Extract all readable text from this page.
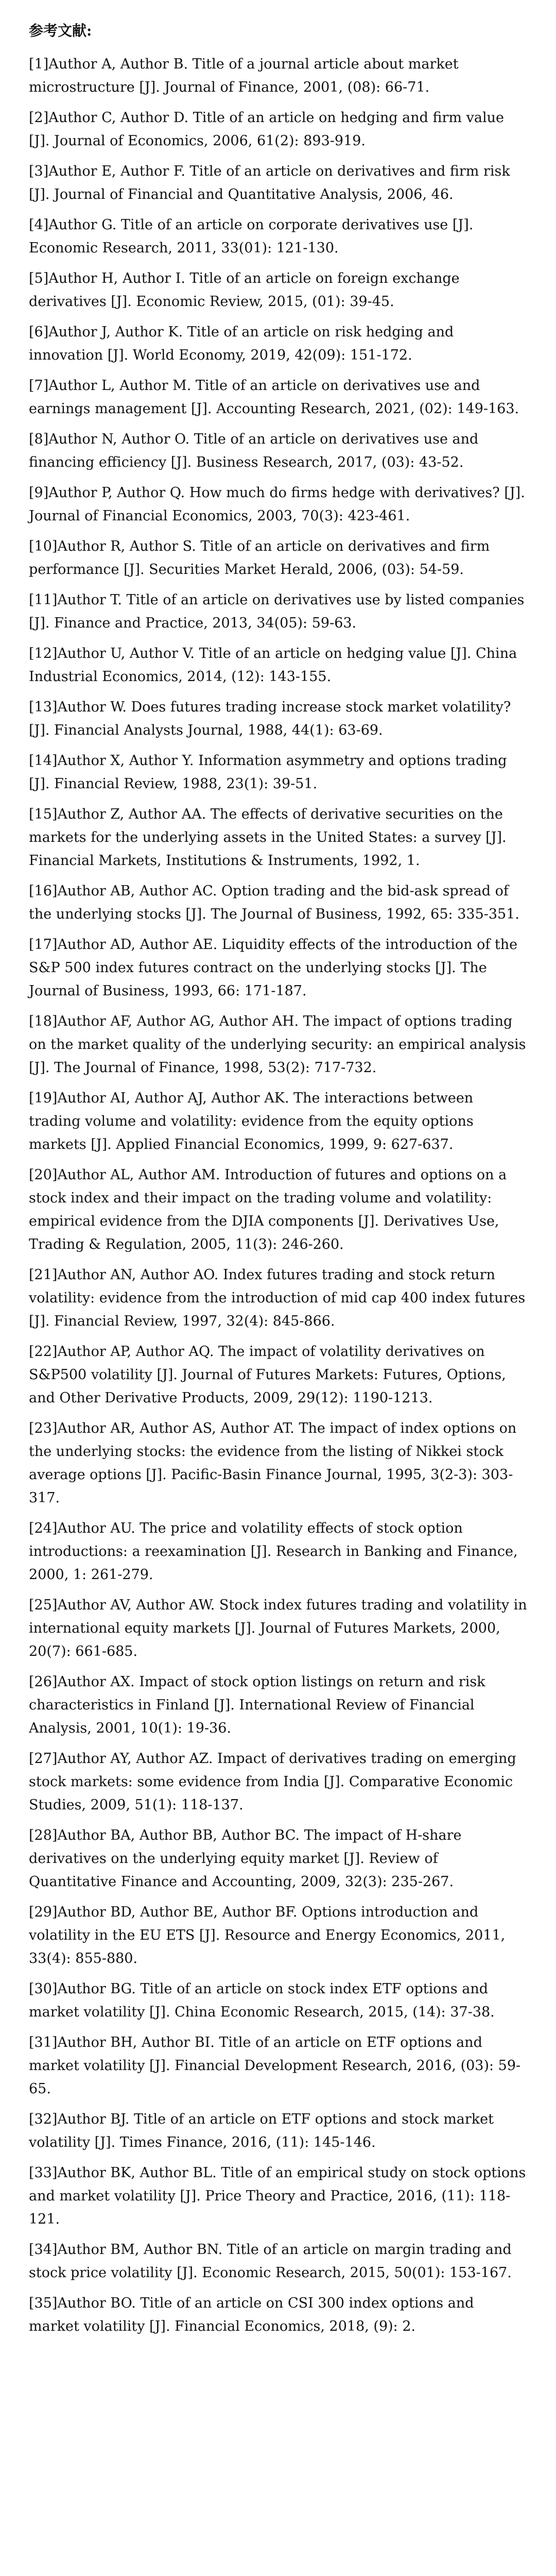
参考文献:
[1]Author A, Author B. Title of a journal article about market microstructure [J]. Journal of Finance, 2001, (08): 66-71.
[2]Author C, Author D. Title of an article on hedging and firm value [J]. Journal of Economics, 2006, 61(2): 893-919.
[3]Author E, Author F. Title of an article on derivatives and firm risk [J]. Journal of Financial and Quantitative Analysis, 2006, 46.
[4]Author G. Title of an article on corporate derivatives use [J]. Economic Research, 2011, 33(01): 121-130.
[5]Author H, Author I. Title of an article on foreign exchange derivatives [J]. Economic Review, 2015, (01): 39-45.
[6]Author J, Author K. Title of an article on risk hedging and innovation [J]. World Economy, 2019, 42(09): 151-172.
[7]Author L, Author M. Title of an article on derivatives use and earnings management [J]. Accounting Research, 2021, (02): 149-163.
[8]Author N, Author O. Title of an article on derivatives use and financing efficiency [J]. Business Research, 2017, (03): 43-52.
[9]Author P, Author Q. How much do firms hedge with derivatives? [J]. Journal of Financial Economics, 2003, 70(3): 423-461.
[10]Author R, Author S. Title of an article on derivatives and firm performance [J]. Securities Market Herald, 2006, (03): 54-59.
[11]Author T. Title of an article on derivatives use by listed companies [J]. Finance and Practice, 2013, 34(05): 59-63.
[12]Author U, Author V. Title of an article on hedging value [J]. China Industrial Economics, 2014, (12): 143-155.
[13]Author W. Does futures trading increase stock market volatility? [J]. Financial Analysts Journal, 1988, 44(1): 63-69.
[14]Author X, Author Y. Information asymmetry and options trading [J]. Financial Review, 1988, 23(1): 39-51.
[15]Author Z, Author AA. The effects of derivative securities on the markets for the underlying assets in the United States: a survey [J]. Financial Markets, Institutions & Instruments, 1992, 1.
[16]Author AB, Author AC. Option trading and the bid-ask spread of the underlying stocks [J]. The Journal of Business, 1992, 65: 335-351.
[17]Author AD, Author AE. Liquidity effects of the introduction of the S&P 500 index futures contract on the underlying stocks [J]. The Journal of Business, 1993, 66: 171-187.
[18]Author AF, Author AG, Author AH. The impact of options trading on the market quality of the underlying security: an empirical analysis [J]. The Journal of Finance, 1998, 53(2): 717-732.
[19]Author AI, Author AJ, Author AK. The interactions between trading volume and volatility: evidence from the equity options markets [J]. Applied Financial Economics, 1999, 9: 627-637.
[20]Author AL, Author AM. Introduction of futures and options on a stock index and their impact on the trading volume and volatility: empirical evidence from the DJIA components [J]. Derivatives Use, Trading & Regulation, 2005, 11(3): 246-260.
[21]Author AN, Author AO. Index futures trading and stock return volatility: evidence from the introduction of mid cap 400 index futures [J]. Financial Review, 1997, 32(4): 845-866.
[22]Author AP, Author AQ. The impact of volatility derivatives on S&P500 volatility [J]. Journal of Futures Markets: Futures, Options, and Other Derivative Products, 2009, 29(12): 1190-1213.
[23]Author AR, Author AS, Author AT. The impact of index options on the underlying stocks: the evidence from the listing of Nikkei stock average options [J]. Pacific-Basin Finance Journal, 1995, 3(2-3): 303-317.
[24]Author AU. The price and volatility effects of stock option introductions: a reexamination [J]. Research in Banking and Finance, 2000, 1: 261-279.
[25]Author AV, Author AW. Stock index futures trading and volatility in international equity markets [J]. Journal of Futures Markets, 2000, 20(7): 661-685.
[26]Author AX. Impact of stock option listings on return and risk characteristics in Finland [J]. International Review of Financial Analysis, 2001, 10(1): 19-36.
[27]Author AY, Author AZ. Impact of derivatives trading on emerging stock markets: some evidence from India [J]. Comparative Economic Studies, 2009, 51(1): 118-137.
[28]Author BA, Author BB, Author BC. The impact of H-share derivatives on the underlying equity market [J]. Review of Quantitative Finance and Accounting, 2009, 32(3): 235-267.
[29]Author BD, Author BE, Author BF. Options introduction and volatility in the EU ETS [J]. Resource and Energy Economics, 2011, 33(4): 855-880.
[30]Author BG. Title of an article on stock index ETF options and market volatility [J]. China Economic Research, 2015, (14): 37-38.
[31]Author BH, Author BI. Title of an article on ETF options and market volatility [J]. Financial Development Research, 2016, (03): 59-65.
[32]Author BJ. Title of an article on ETF options and stock market volatility [J]. Times Finance, 2016, (11): 145-146.
[33]Author BK, Author BL. Title of an empirical study on stock options and market volatility [J]. Price Theory and Practice, 2016, (11): 118-121.
[34]Author BM, Author BN. Title of an article on margin trading and stock price volatility [J]. Economic Research, 2015, 50(01): 153-167.
[35]Author BO. Title of an article on CSI 300 index options and market volatility [J]. Financial Economics, 2018, (9): 2.
